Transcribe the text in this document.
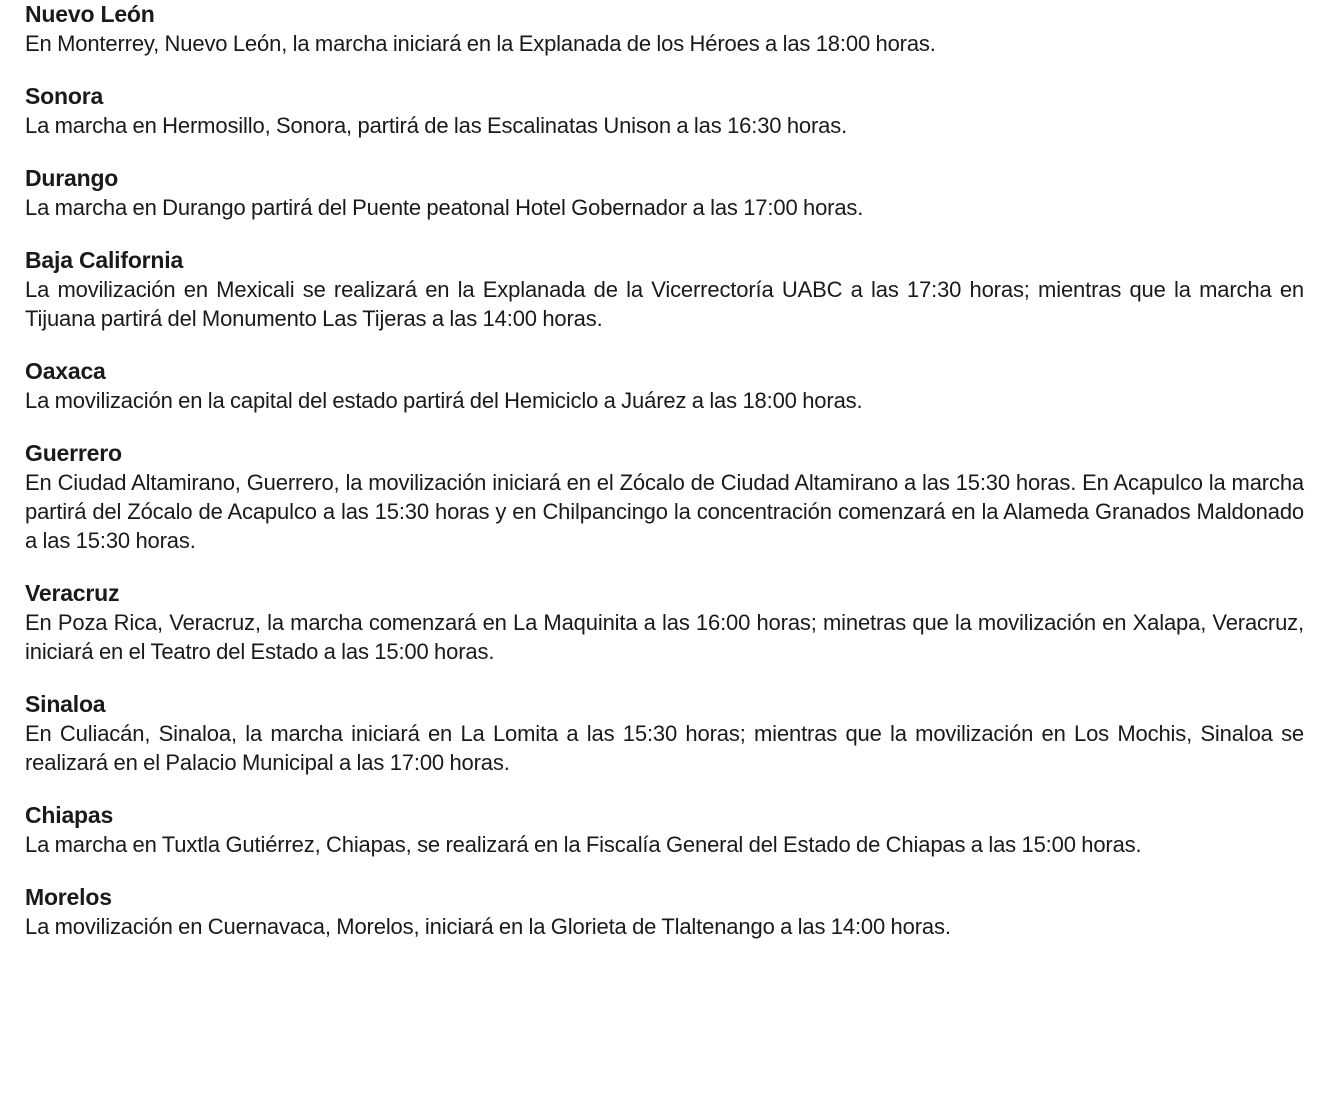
Nuevo León

En Monterrey, Nuevo León, la marcha iniciará en la Explanada de los Héroes a las 18:00 horas.

Sonora

La marcha en Hermosillo, Sonora, partirá de las Escalinatas Unison a las 16:30 horas.

Durango

La marcha en Durango partirá del Puente peatonal Hotel Gobernador a las 17:00 horas.

Baja California

La movilización en Mexicali se realizará en la Explanada de la Vicerrectoría UABC a las 17:30 horas; mientras que la marcha en Tijuana partirá del Monumento Las Tijeras a las 14:00 horas.

Oaxaca

La movilización en la capital del estado partirá del Hemiciclo a Juárez a las 18:00 horas.

Guerrero

En Ciudad Altamirano, Guerrero, la movilización iniciará en el Zócalo de Ciudad Altamirano a las 15:30 horas. En Acapulco la marcha partirá del Zócalo de Acapulco a las 15:30 horas y en Chilpancingo la concentración comenzará en la Alameda Granados Maldonado a las 15:30 horas.

Veracruz

En Poza Rica, Veracruz, la marcha comenzará en La Maquinita a las 16:00 horas; minetras que la movilización en Xalapa, Veracruz, iniciará en el Teatro del Estado a las 15:00 horas.

Sinaloa

En Culiacán, Sinaloa, la marcha iniciará en La Lomita a las 15:30 horas; mientras que la movilización en Los Mochis, Sinaloa se realizará en el Palacio Municipal a las 17:00 horas.

Chiapas

La marcha en Tuxtla Gutiérrez, Chiapas, se realizará en la Fiscalía General del Estado de Chiapas a las 15:00 horas.

Morelos

La movilización en Cuernavaca, Morelos, iniciará en la Glorieta de Tlaltenango a las 14:00 horas.
